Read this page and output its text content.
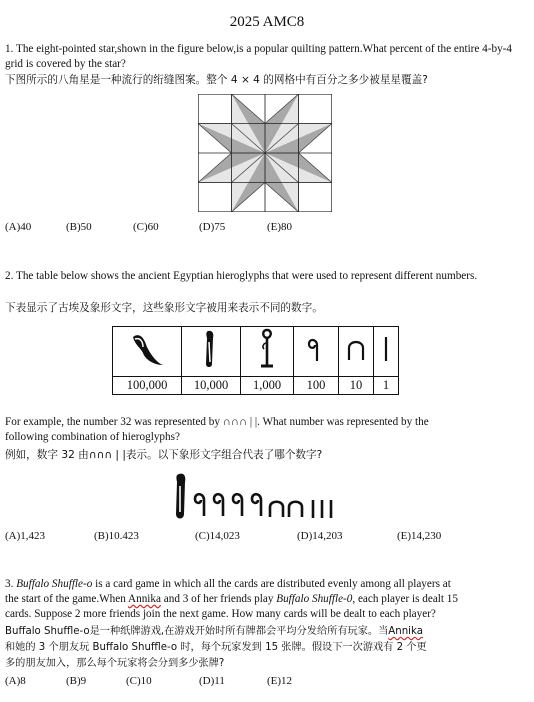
2025 AMC8
1. The eight-pointed star,shown in the figure below,is a popular quilting pattern.What percent of the entire 4-by-4 grid is covered by the star?
下图所示的八角星是一种流行的绗缝图案。整个 4 × 4 的网格中有百分之多少被星星覆盖?
(A)40	(B)50	(C)60	(D)75	(E)80
2. The table below shows the ancient Egyptian hieroglyphs that were used to represent different numbers.
下表显示了古埃及象形文字，这些象形文字被用来表示不同的数字。

100,000	10,000	1,000	100	10	1
For example, the number 32 was represented by ∩∩∩ | |. What number was represented by the
following combination of hieroglyphs?
例如，数字 32 由∩∩∩ | |表示。以下象形文字组合代表了哪个数字?
(A)1,423	(B)10.423	(C)14,023	(D)14,203	(E)14,230
3. Buffalo Shuffle-o is a card game in which all the cards are distributed evenly among all players at
the start of the game.When Annika and 3 of her friends play Buffalo Shuffle-0, each player is dealt 15
cards. Suppose 2 more friends join the next game. How many cards will be dealt to each player?
Buffalo Shuffle-o是一种纸牌游戏,在游戏开始时所有牌都会平均分发给所有玩家。当Annika
和她的 3 个朋友玩 Buffalo Shuffle-o 时，每个玩家发到 15 张牌。假设下一次游戏有 2 个更
多的朋友加入，那么每个玩家将会分到多少张牌?
(A)8	(B)9	(C)10	(D)11	(E)12
